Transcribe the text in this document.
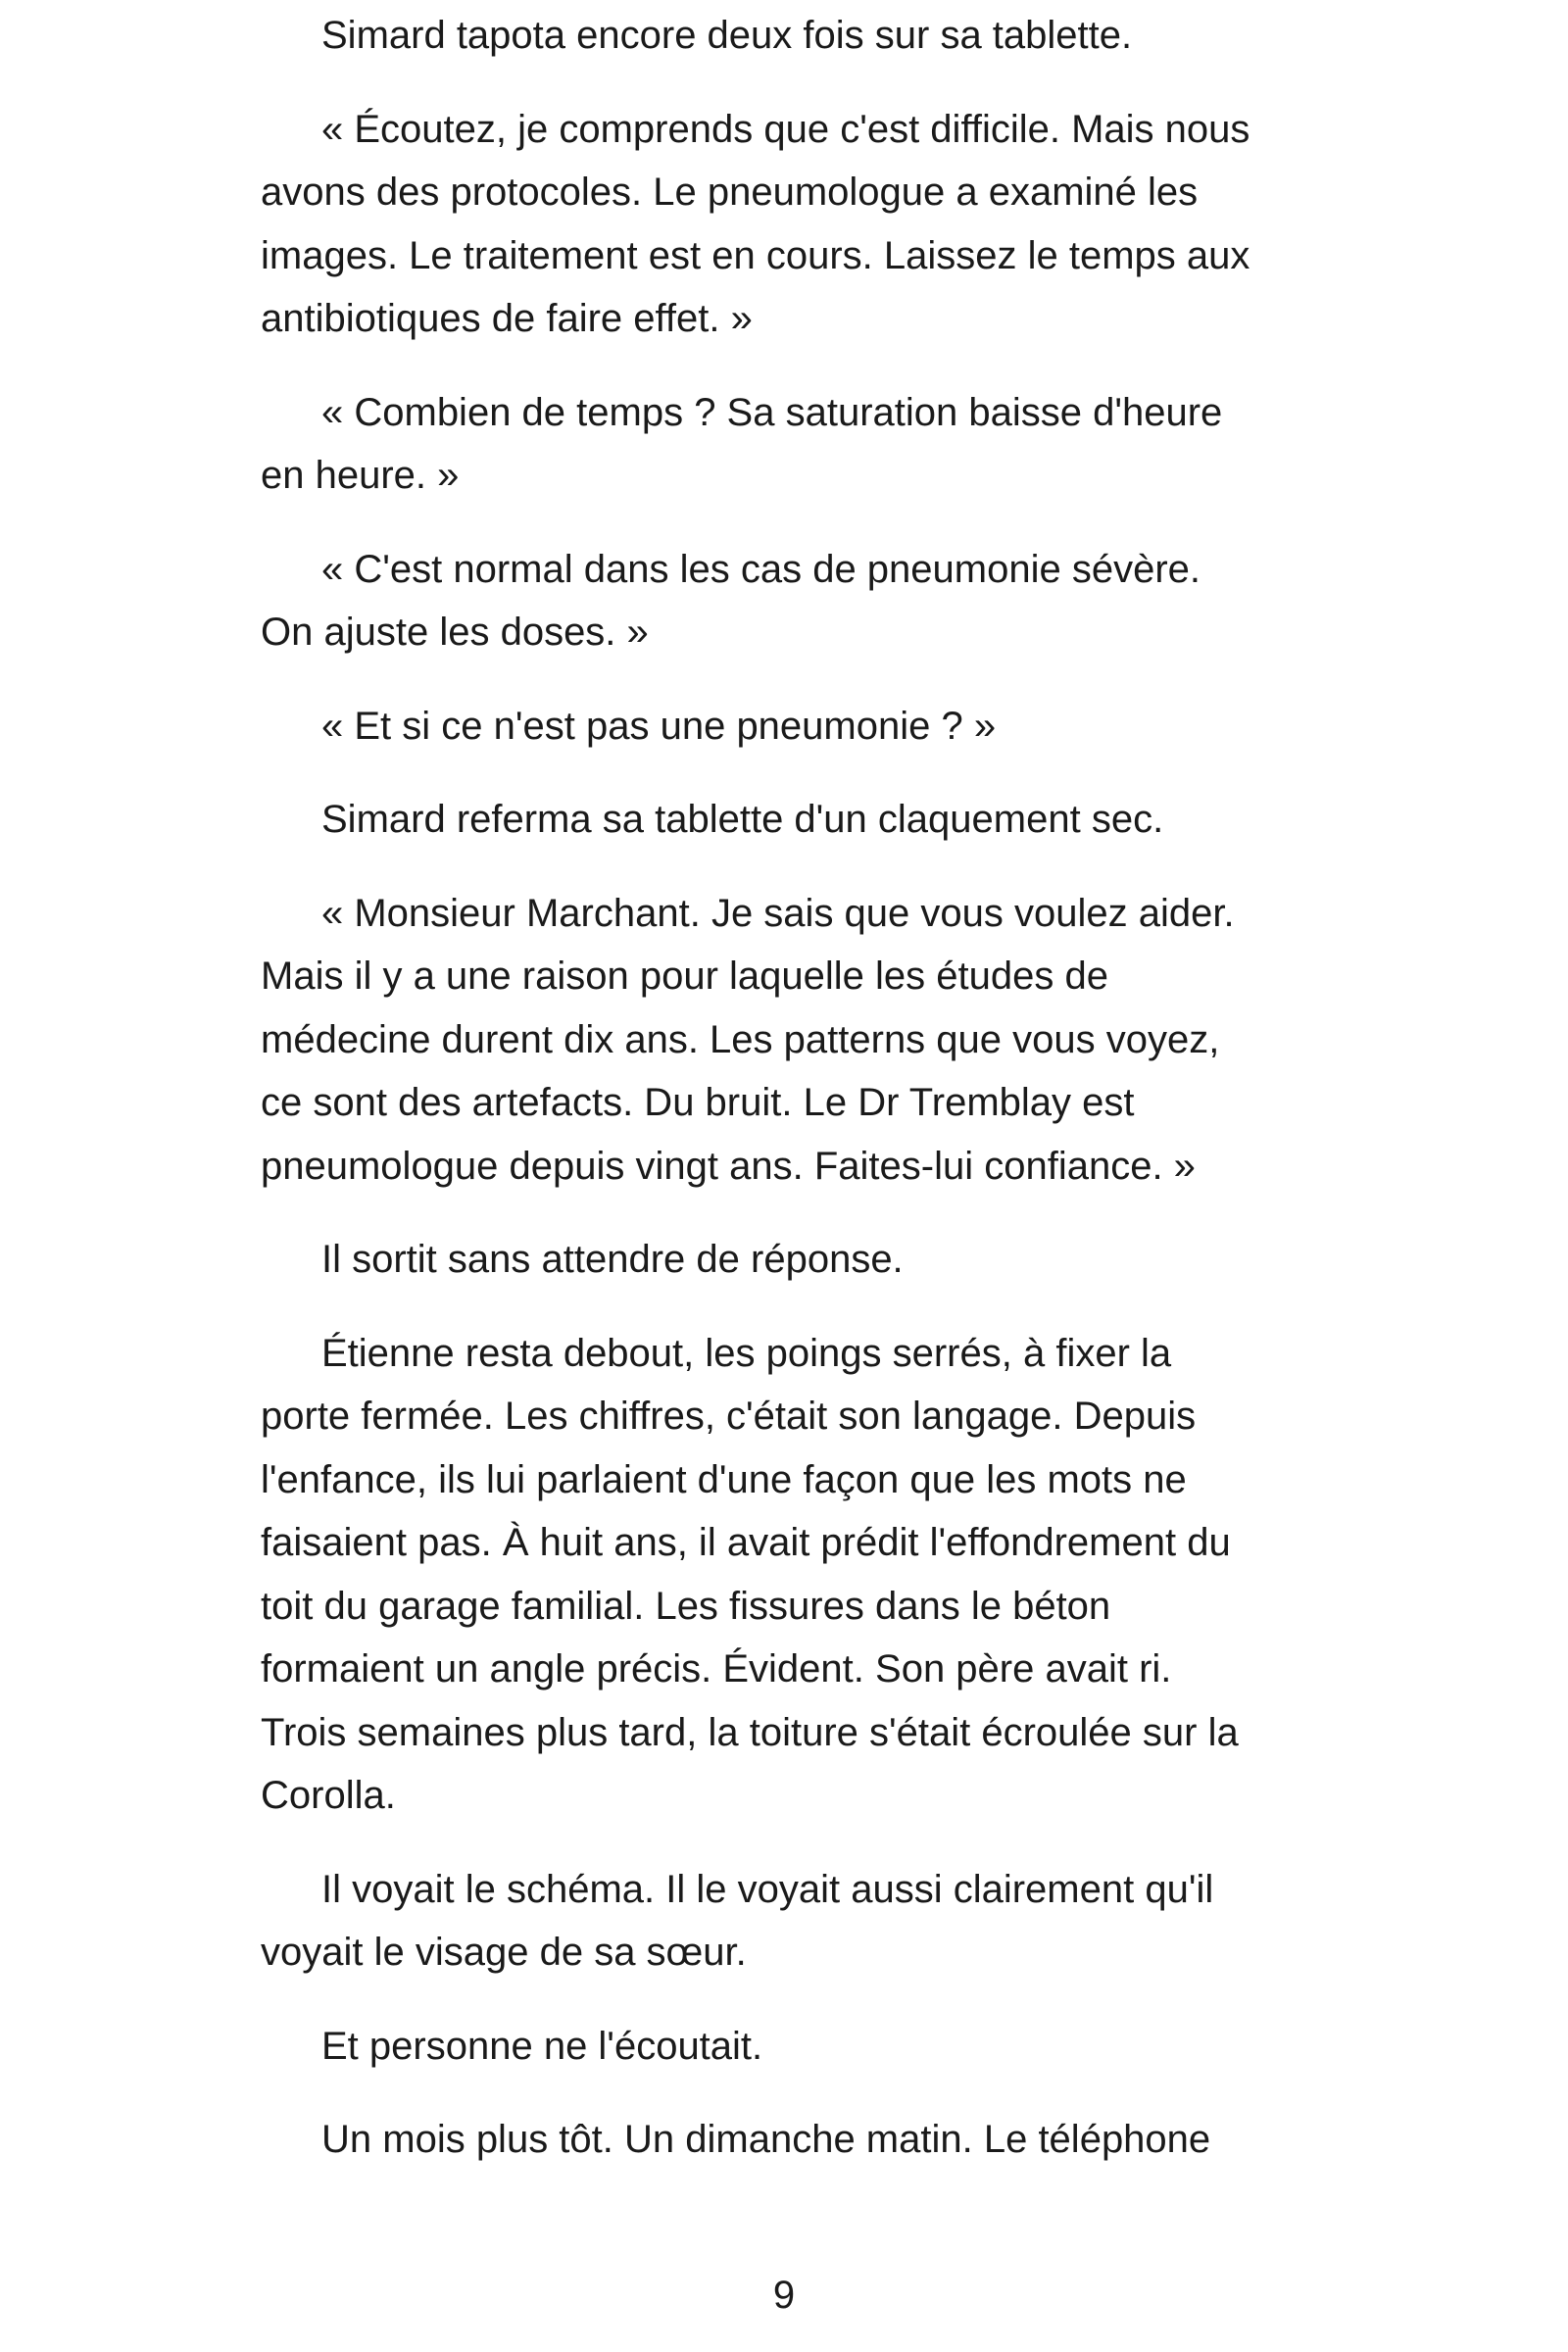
Simard tapota encore deux fois sur sa tablette.

« Écoutez, je comprends que c'est difficile. Mais nous
avons des protocoles. Le pneumologue a examiné les
images. Le traitement est en cours. Laissez le temps aux
antibiotiques de faire effet. »

« Combien de temps ? Sa saturation baisse d'heure
en heure. »

« C'est normal dans les cas de pneumonie sévère.
On ajuste les doses. »

« Et si ce n'est pas une pneumonie ? »

Simard referma sa tablette d'un claquement sec.

« Monsieur Marchant. Je sais que vous voulez aider.
Mais il y a une raison pour laquelle les études de
médecine durent dix ans. Les patterns que vous voyez,
ce sont des artefacts. Du bruit. Le Dr Tremblay est
pneumologue depuis vingt ans. Faites-lui confiance. »

Il sortit sans attendre de réponse.

Étienne resta debout, les poings serrés, à fixer la
porte fermée. Les chiffres, c'était son langage. Depuis
l'enfance, ils lui parlaient d'une façon que les mots ne
faisaient pas. À huit ans, il avait prédit l'effondrement du
toit du garage familial. Les fissures dans le béton
formaient un angle précis. Évident. Son père avait ri.
Trois semaines plus tard, la toiture s'était écroulée sur la
Corolla.

Il voyait le schéma. Il le voyait aussi clairement qu'il
voyait le visage de sa sœur.

Et personne ne l'écoutait.

Un mois plus tôt. Un dimanche matin. Le téléphone

9
